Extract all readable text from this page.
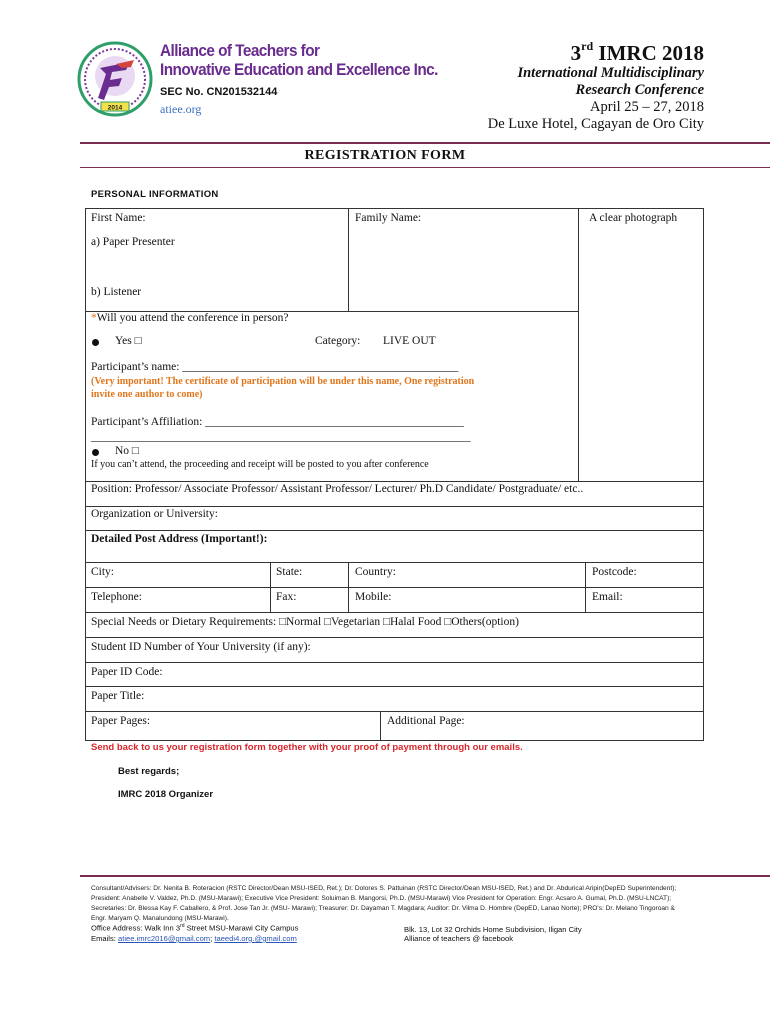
2014
Alliance of Teachers for
Innovative Education and Excellence Inc.
SEC No. CN201532144
atiee.org
3rd IMRC 2018
International Multidisciplinary
Research Conference
April 25 – 27, 2018
De Luxe Hotel, Cagayan de Oro City
REGISTRATION FORM
PERSONAL INFORMATION
First Name:	Family Name:	A clear photograph
a) Paper Presenter
b) Listener
*Will you attend the conference in person?
Yes □	Category: LIVE OUT
Participant’s name: ________________________________________________
(Very important! The certificate of participation will be under this name, One registration
invite one author to come)
Participant’s Affiliation: _____________________________________________
__________________________________________________________________
No □
If you can’t attend, the proceeding and receipt will be posted to you after conference
Position: Professor/ Associate Professor/ Assistant Professor/ Lecturer/ Ph.D Candidate/ Postgraduate/ etc..
Organization or University:
Detailed Post Address (Important!):
City:	State:	Country:	Postcode:
Telephone:	Fax:	Mobile:	Email:
Special Needs or Dietary Requirements: □Normal □Vegetarian □Halal Food □Others(option)
Student ID Number of Your University (if any):
Paper ID Code:
Paper Title:
Paper Pages:	Additional Page:
Send back to us your registration form together with your proof of payment through our emails.
Best regards;
IMRC 2018 Organizer
Consultant/Advisers: Dr. Nenita B. Roteracion (RSTC Director/Dean MSU-ISED, Ret.); Dr. Dolores S. Pattuinan (RSTC Director/Dean MSU-ISED, Ret.) and Dr. Abdurical Aripin(DepED Superintendent); President: Anabelle V. Valdez, Ph.D. (MSU-Marawi); Executive Vice President: Soluiman B. Mangorsi, Ph.D. (MSU-Marawi) Vice President for Operation: Engr. Acsaro A. Gumal, Ph.D. (MSU-LNCAT); Secretaries: Dr. Blessa Kay F. Caballero, & Prof. Jose Tan Jr. (MSU- Marawi); Treasurer: Dr. Dayaman T. Magdara; Auditor: Dr. Vilma D. Hombre (DepED, Lanao Norte); PRO's: Dr. Melano Tingoroan & Engr. Maryam Q. Manalundong (MSU-Marawi).
Office Address: Walk Inn 3rd Street MSU-Marawi City Campus	Blk. 13, Lot 32 Orchids Home Subdivision, Iligan City
Emails: atiee.imrc2016@gmail.com; taeedi4.org.@gmail.com	Alliance of teachers @ facebook
